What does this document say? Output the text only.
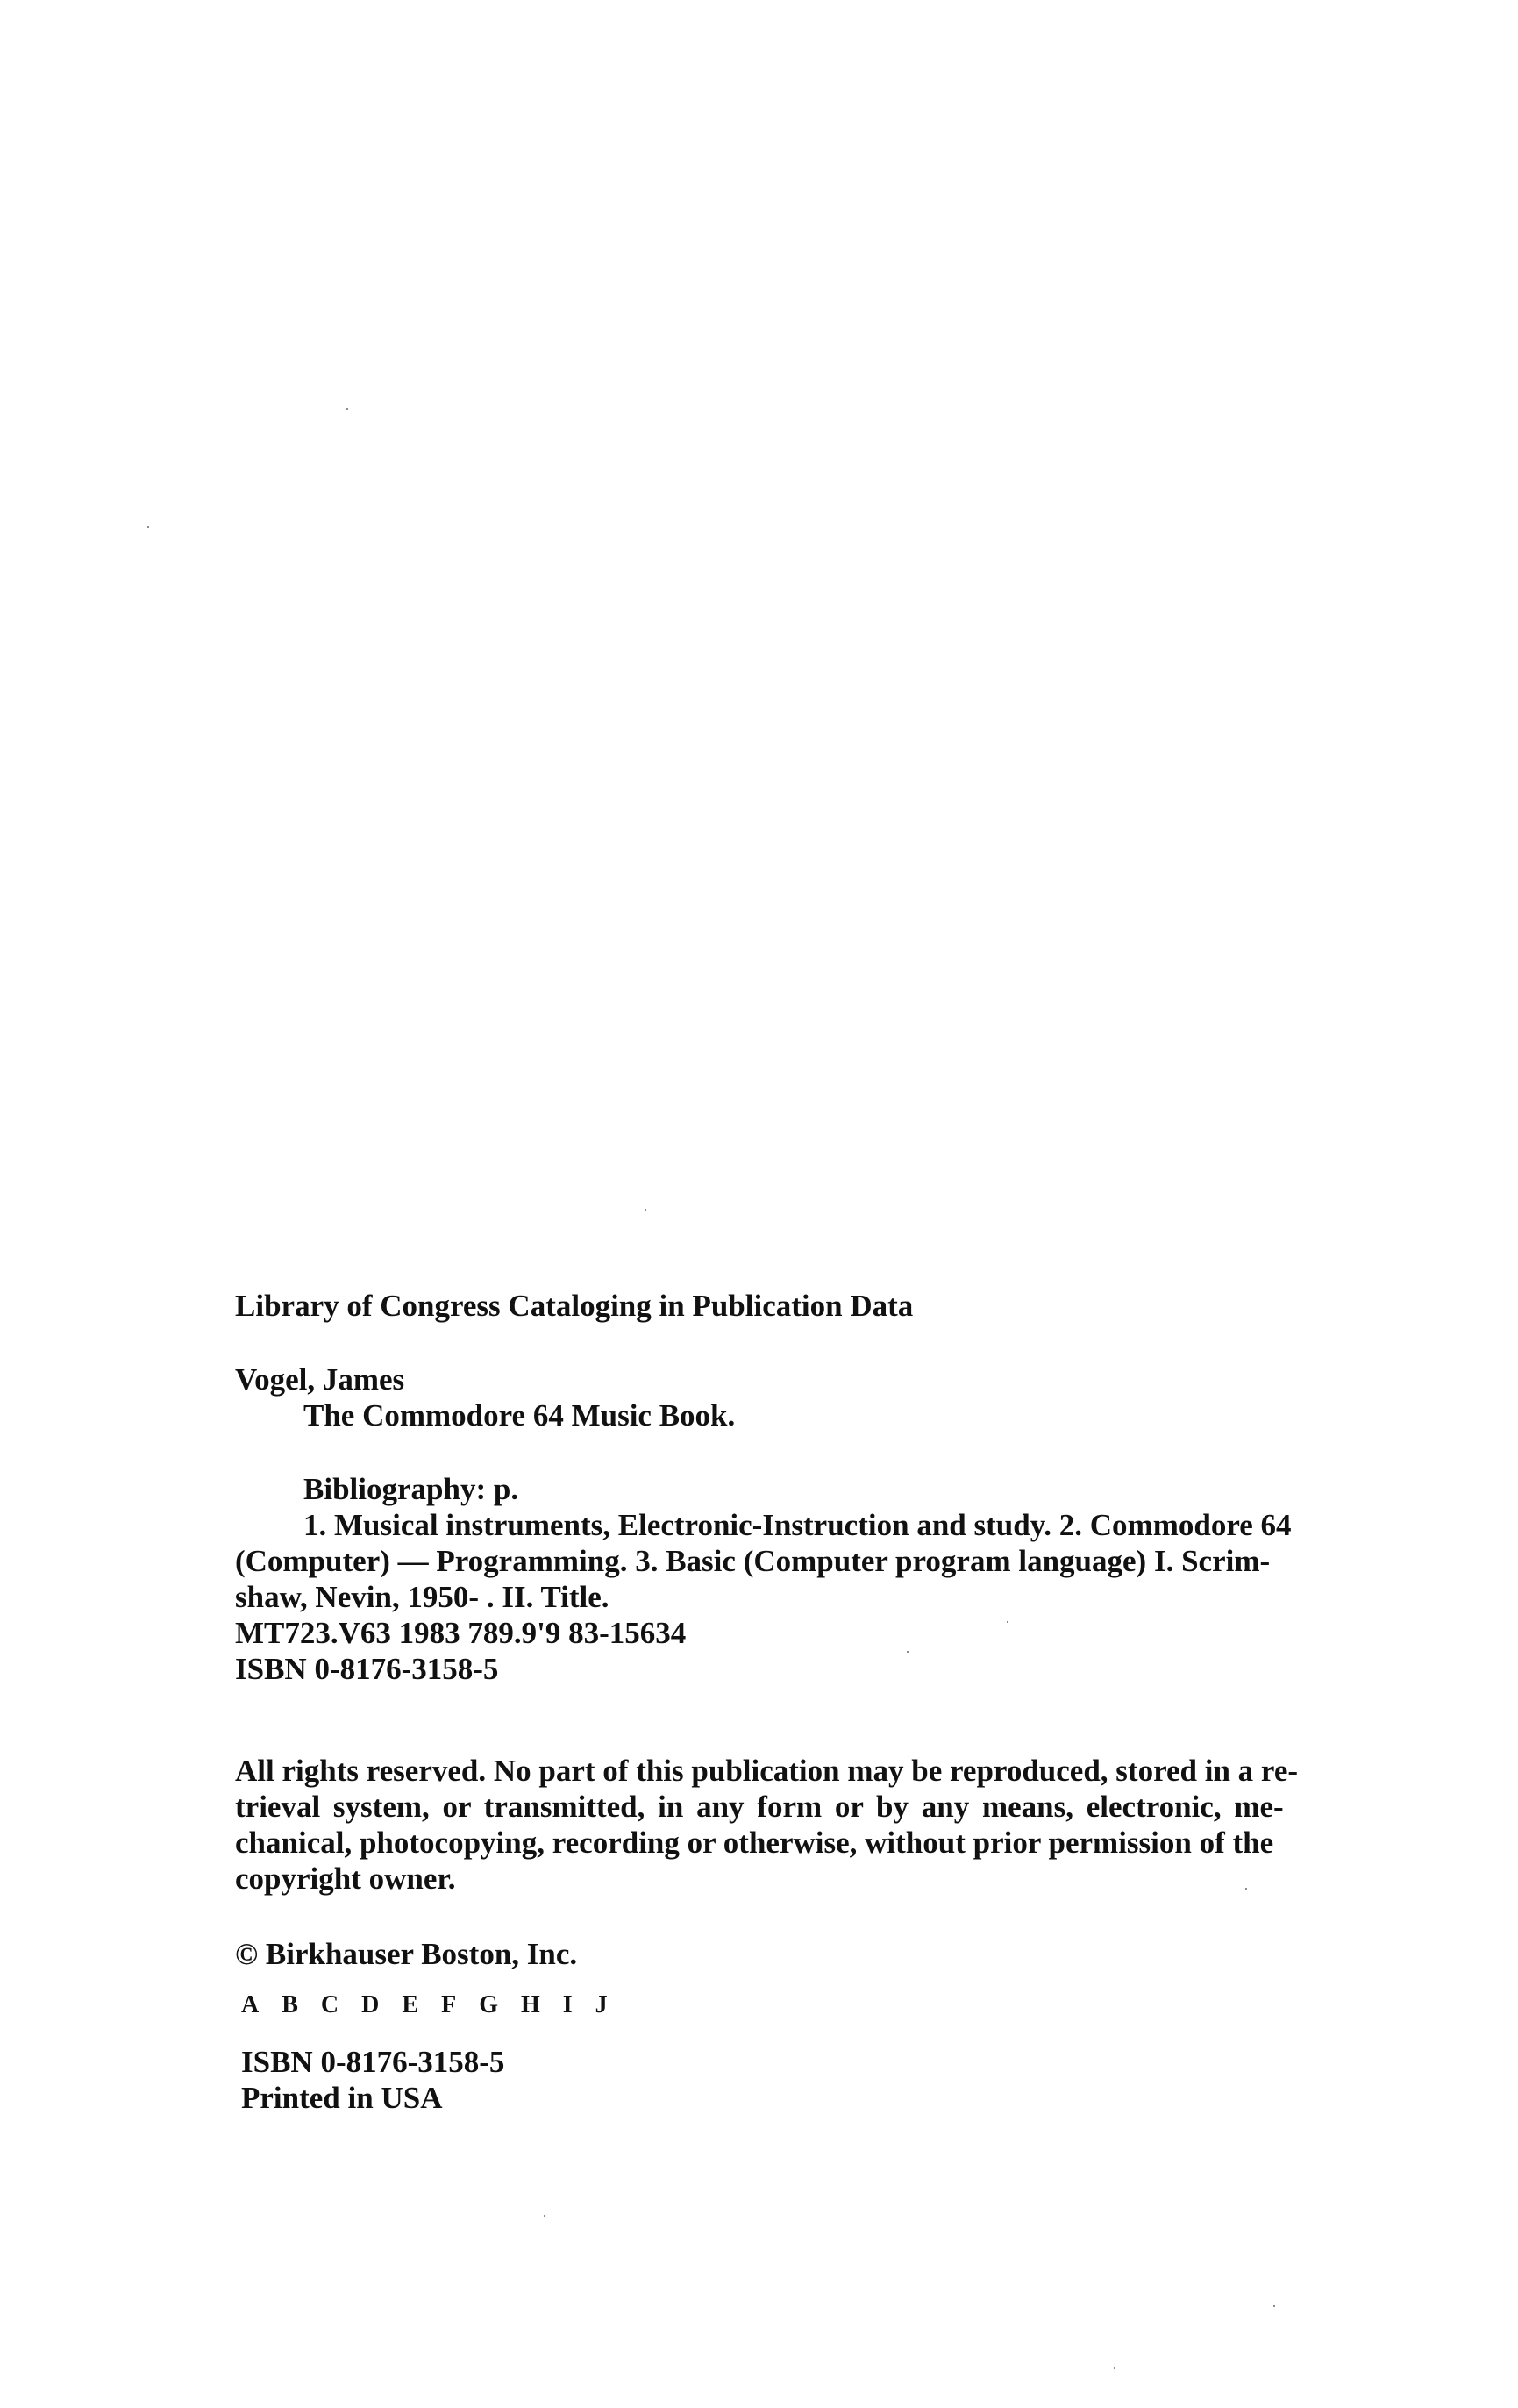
Library of Congress Cataloging in Publication Data
Vogel, James
The Commodore 64 Music Book.
Bibliography: p.
1. Musical instruments, Electronic-Instruction and study. 2. Commodore 64
(Computer) — Programming. 3. Basic (Computer program language) I. Scrim-
shaw, Nevin, 1950- . II. Title.
MT723.V63 1983 789.9'9 83-15634
ISBN 0-8176-3158-5
All rights reserved. No part of this publication may be reproduced, stored in a re-
trieval system, or transmitted, in any form or by any means, electronic, me-
chanical, photocopying, recording or otherwise, without prior permission of the
copyright owner.
© Birkhauser Boston, Inc.
A B C D E F G H I J
ISBN 0-8176-3158-5
Printed in USA
